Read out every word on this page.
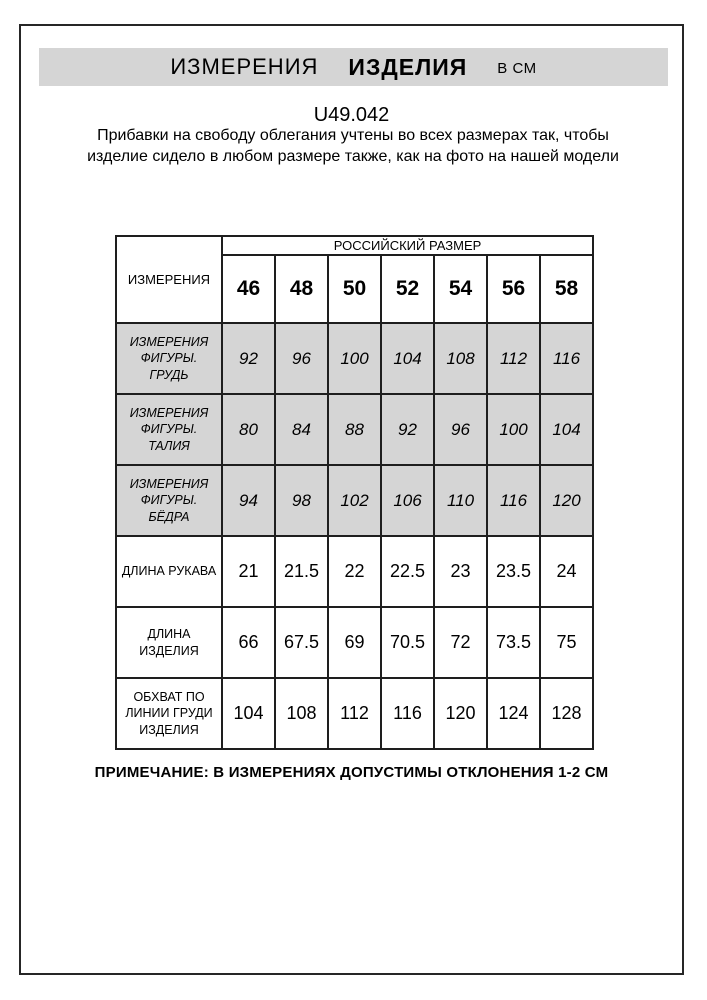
ИЗМЕРЕНИЯ ИЗДЕЛИЯ В СМ
U49.042
Прибавки на свободу облегания учтены во всех размерах так, чтобы изделие сидело в любом размере также, как на фото на нашей модели
ИЗМЕРЕНИЯ	РОССИЙСКИЙ РАЗМЕР						
	46	48	50	52	54	56	58
ИЗМЕРЕНИЯ ФИГУРЫ. ГРУДЬ	92	96	100	104	108	112	116
ИЗМЕРЕНИЯ ФИГУРЫ. ТАЛИЯ	80	84	88	92	96	100	104
ИЗМЕРЕНИЯ ФИГУРЫ. БЁДРА	94	98	102	106	110	116	120
ДЛИНА РУКАВА	21	21.5	22	22.5	23	23.5	24
ДЛИНА ИЗДЕЛИЯ	66	67.5	69	70.5	72	73.5	75
ОБХВАТ ПО ЛИНИИ ГРУДИ ИЗДЕЛИЯ	104	108	112	116	120	124	128
ПРИМЕЧАНИЕ: В ИЗМЕРЕНИЯХ ДОПУСТИМЫ ОТКЛОНЕНИЯ 1-2 СМ
